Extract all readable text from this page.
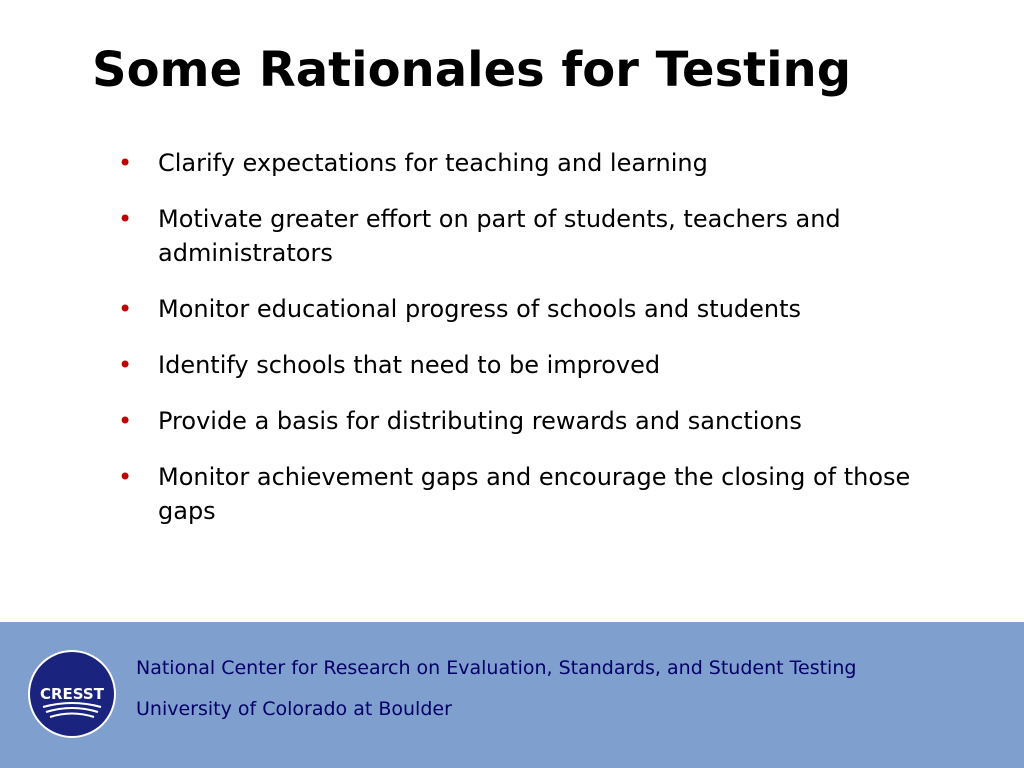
Some Rationales for Testing
• Clarify expectations for teaching and learning
• Motivate greater effort on part of students, teachers and administrators
• Monitor educational progress of schools and students
• Identify schools that need to be improved
• Provide a basis for distributing rewards and sanctions
• Monitor achievement gaps and encourage the closing of those gaps
CRESST
National Center for Research on Evaluation, Standards, and Student Testing
University of Colorado at Boulder
